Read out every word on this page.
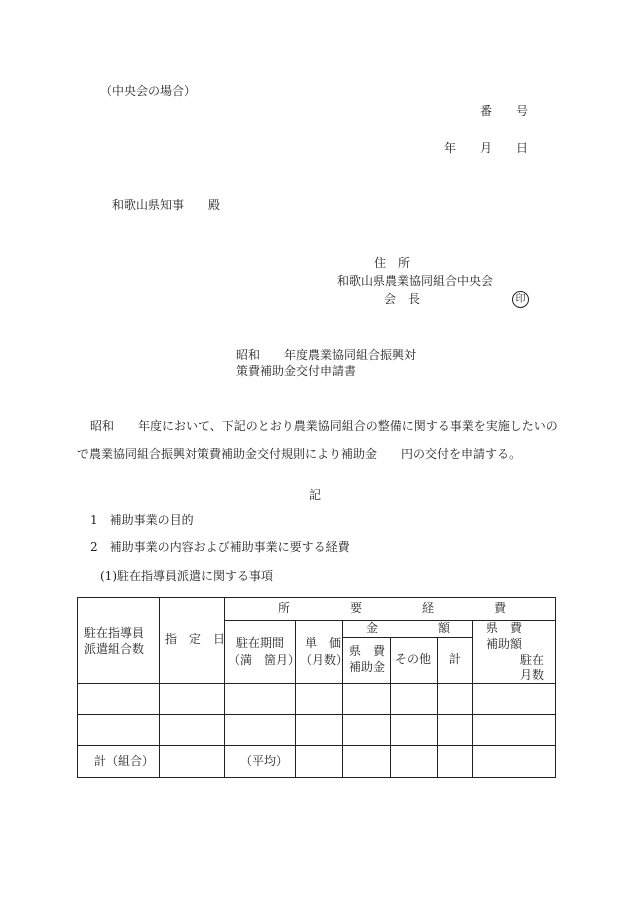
（中央会の場合）
番　　号
年　　月　　日
和歌山県知事　　殿
住　所
和歌山県農業協同組合中央会
会　長	印
昭和　　年度農業協同組合振興対
策費補助金交付申請書
昭和　　年度において、下記のとおり農業協同組合の整備に関する事業を実施したいの
で農業協同組合振興対策費補助金交付規則により補助金　　円の交付を申請する。
記
1　補助事業の目的
2　補助事業の内容および補助事業に要する経費
(1)駐在指導員派遣に関する事項
駐在指導員
派遣組合数
指　定　日
所　　　　　要　　　　　経　　　　　費
駐在期間
（満　箇月）
単　価
（月数）
金　　　　　額
県　費
補助金
その他 計
県　費
補助額
駐在
月数
計（組合）	（平均）
